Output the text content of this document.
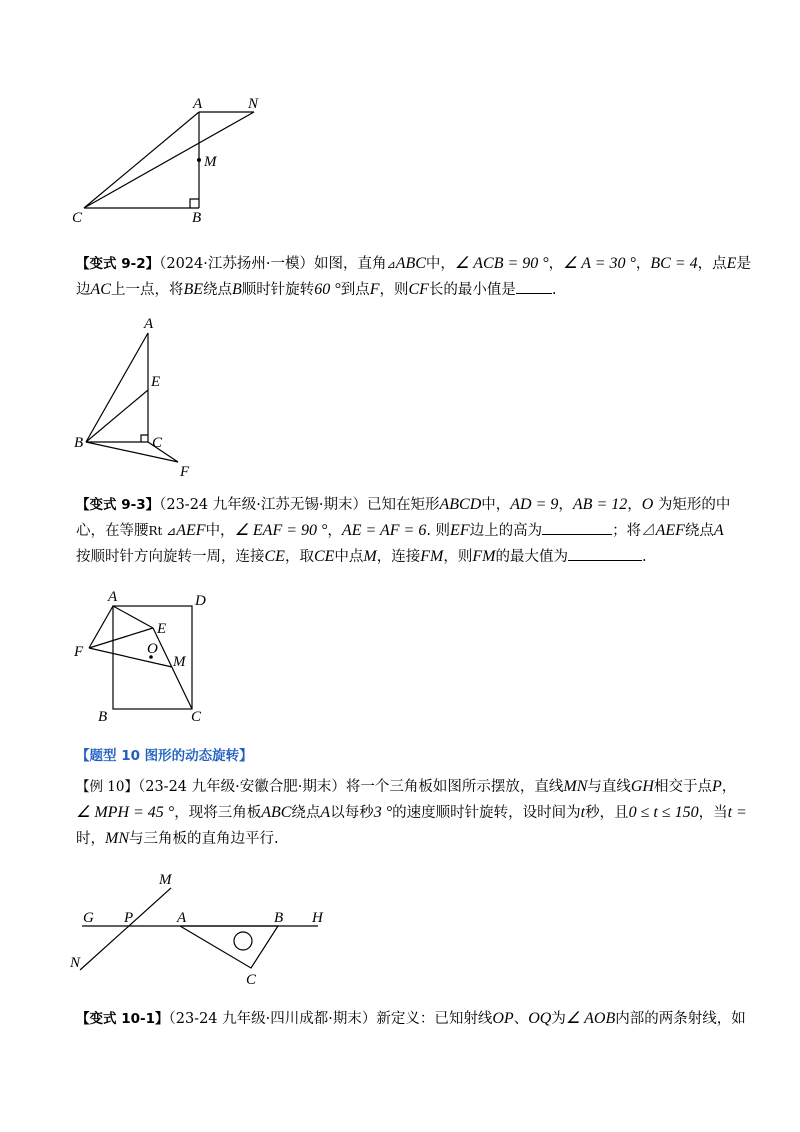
A	N
M
C	B
【变式 9-2】（2024·江苏扬州·一模）如图，直角⊿ABC中，∠ ACB = 90 °，∠ A = 30 °，BC = 4，点E是
边AC上一点，将BE绕点B顺时针旋转60 °到点F，则CF长的最小值是 .
A
E
B	C
F
【变式 9-3】（23-24 九年级·江苏无锡·期末）已知在矩形ABCD中，AD = 9，AB = 12，O 为矩形的中
心，在等腰Rt ⊿AEF中，∠ EAF = 90 °，AE = AF = 6. 则EF边上的高为	；将⊿AEF绕点A
按顺时针方向旋转一周，连接CE，取CE中点M，连接FM，则FM的最大值为	.
A	D
E
F	O
M
B	C
【题型 10 图形的动态旋转】
【例 10】（23-24 九年级·安徽合肥·期末）将一个三角板如图所示摆放，直线MN与直线GH相交于点P，
∠ MPH = 45 °，现将三角板ABC绕点A以每秒3 °的速度顺时针旋转，设时间为t秒，且0 ≤ t ≤ 150，当t =
时，MN与三角板的直角边平行.
M
G P	A	B H
N
C
【变式 10-1】（23-24 九年级·四川成都·期末）新定义：已知射线OP、OQ为∠ AOB内部的两条射线，如
